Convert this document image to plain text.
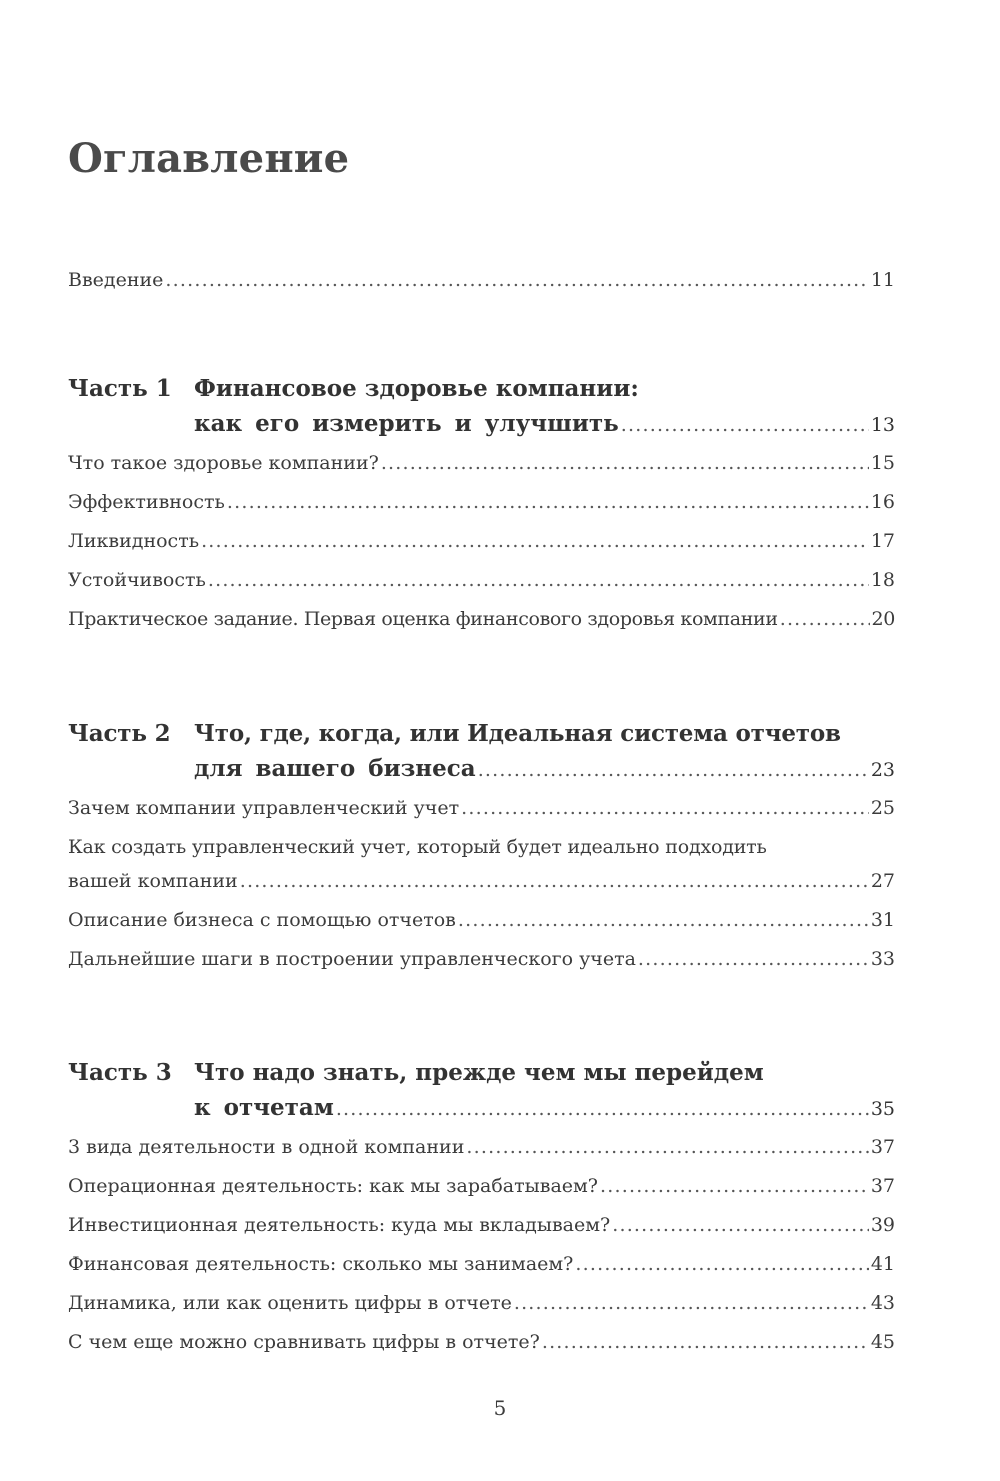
Оглавление
Введение .....	11
Часть 1 Финансовое здоровье компании:
как его измерить и улучшить .....	13
Что такое здоровье компании? .....	15
Эффективность .....	16
Ликвидность .....	17
Устойчивость .....	18
Практическое задание. Первая оценка финансового здоровья компании .....	20
Часть 2 Что, где, когда, или Идеальная система отчетов
для вашего бизнеса .....	23
Зачем компании управленческий учет .....	25
Как создать управленческий учет, который будет идеально подходить
вашей компании .....	27
Описание бизнеса с помощью отчетов .....	31
Дальнейшие шаги в построении управленческого учета .....	33
Часть 3 Что надо знать, прежде чем мы перейдем
к отчетам .....	35
3 вида деятельности в одной компании .....	37
Операционная деятельность: как мы зарабатываем? .....	37
Инвестиционная деятельность: куда мы вкладываем? .....	39
Финансовая деятельность: сколько мы занимаем? .....	41
Динамика, или как оценить цифры в отчете .....	43
С чем еще можно сравнивать цифры в отчете? .....	45
5
